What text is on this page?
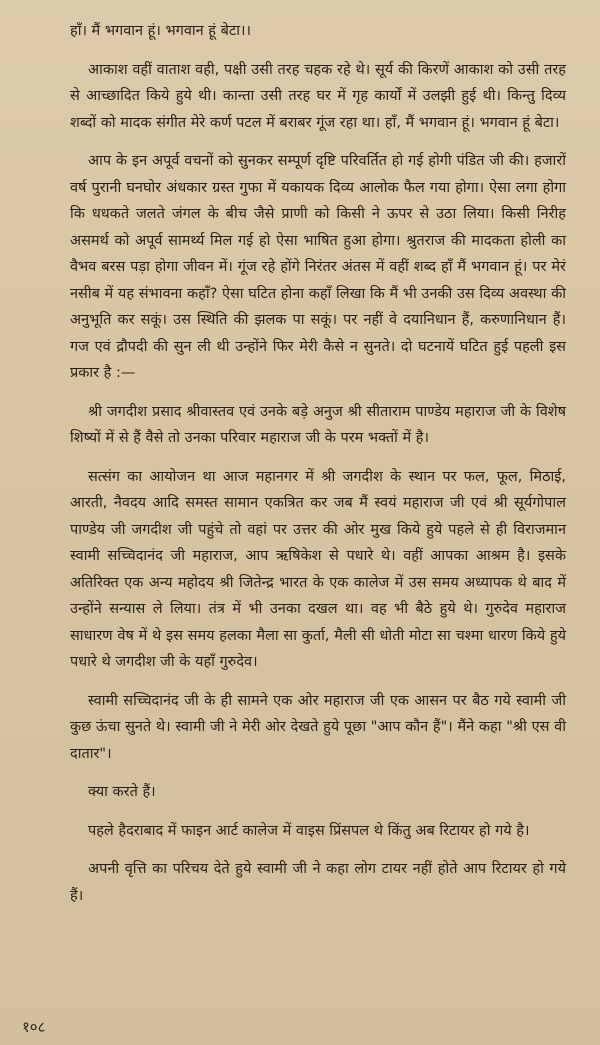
हाँ। मैं भगवान हूं। भगवान हूं बेटा।।

आकाश वहीं वाताश वही, पक्षी उसी तरह चहक रहे थे। सूर्य की किरणें आकाश को उसी तरह से आच्छादित किये हुये थी। कान्ता उसी तरह घर में गृह कार्यों में उलझी हुई थी। किन्तु दिव्य शब्दों को मादक संगीत मेरे कर्ण पटल में बराबर गूंज रहा था। हाँ, मैं भगवान हूं। भगवान हूं बेटा।

आप के इन अपूर्व वचनों को सुनकर सम्पूर्ण दृष्टि परिवर्तित हो गई होगी पंडित जी की। हजारों वर्ष पुरानी घनघोर अंधकार ग्रस्त गुफा में यकायक दिव्य आलोक फैल गया होगा। ऐसा लगा होगा कि धधकते जलते जंगल के बीच जैसे प्राणी को किसी ने ऊपर से उठा लिया। किसी निरीह असमर्थ को अपूर्व सामर्थ्य मिल गई हो ऐसा भाषित हुआ होगा। श्रुतराज की मादकता होली का वैभव बरस पड़ा होगा जीवन में। गूंज रहे होंगे निरंतर अंतस में वहीं शब्द हाँ मैं भगवान हूं। पर मेरं नसीब में यह संभावना कहाँ? ऐसा घटित होना कहाँ लिखा कि मैं भी उनकी उस दिव्य अवस्था की अनुभूति कर सकूं। उस स्थिति की झलक पा सकूं। पर नहीं वे दयानिधान हैं, करुणानिधान हैं। गज एवं द्रौपदी की सुन ली थी उन्होंने फिर मेरी कैसे न सुनते। दो घटनायें घटित हुई पहली इस प्रकार है :—

श्री जगदीश प्रसाद श्रीवास्तव एवं उनके बड़े अनुज श्री सीताराम पाण्डेय महाराज जी के विशेष शिष्यों में से हैं वैसे तो उनका परिवार महाराज जी के परम भक्तों में है।

सत्संग का आयोजन था आज महानगर में श्री जगदीश के स्थान पर फल, फूल, मिठाई, आरती, नैवदय आदि समस्त सामान एकत्रित कर जब मैं स्वयं महाराज जी एवं श्री सूर्यगोपाल पाण्डेय जी जगदीश जी पहुंचे तो वहां पर उत्तर की ओर मुख किये हुये पहले से ही विराजमान स्वामी सच्चिदानंद जी महाराज, आप ऋषिकेश से पधारे थे। वहीं आपका आश्रम है। इसके अतिरिक्त एक अन्य महोदय श्री जितेन्द्र भारत के एक कालेज में उस समय अध्यापक थे बाद में उन्होंने सन्यास ले लिया। तंत्र में भी उनका दखल था। वह भी बैठे हुये थे। गुरुदेव महाराज साधारण वेष में थे इस समय हलका मैला सा कुर्ता, मैली सी धोती मोटा सा चश्मा धारण किये हुये पधारे थे जगदीश जी के यहाँ गुरुदेव।

स्वामी सच्चिदानंद जी के ही सामने एक ओर महाराज जी एक आसन पर बैठ गये स्वामी जी कुछ ऊंचा सुनते थे। स्वामी जी ने मेरी ओर देखते हुये पूछा "आप कौन हैं"। मैंने कहा "श्री एस वी दातार"।

क्या करते हैं।

पहले हैदराबाद में फाइन आर्ट कालेज में वाइस प्रिंसपल थे किंतु अब रिटायर हो गये है।

अपनी वृत्ति का परिचय देते हुये स्वामी जी ने कहा लोग टायर नहीं होते आप रिटायर हो गये हैं।

१०८
